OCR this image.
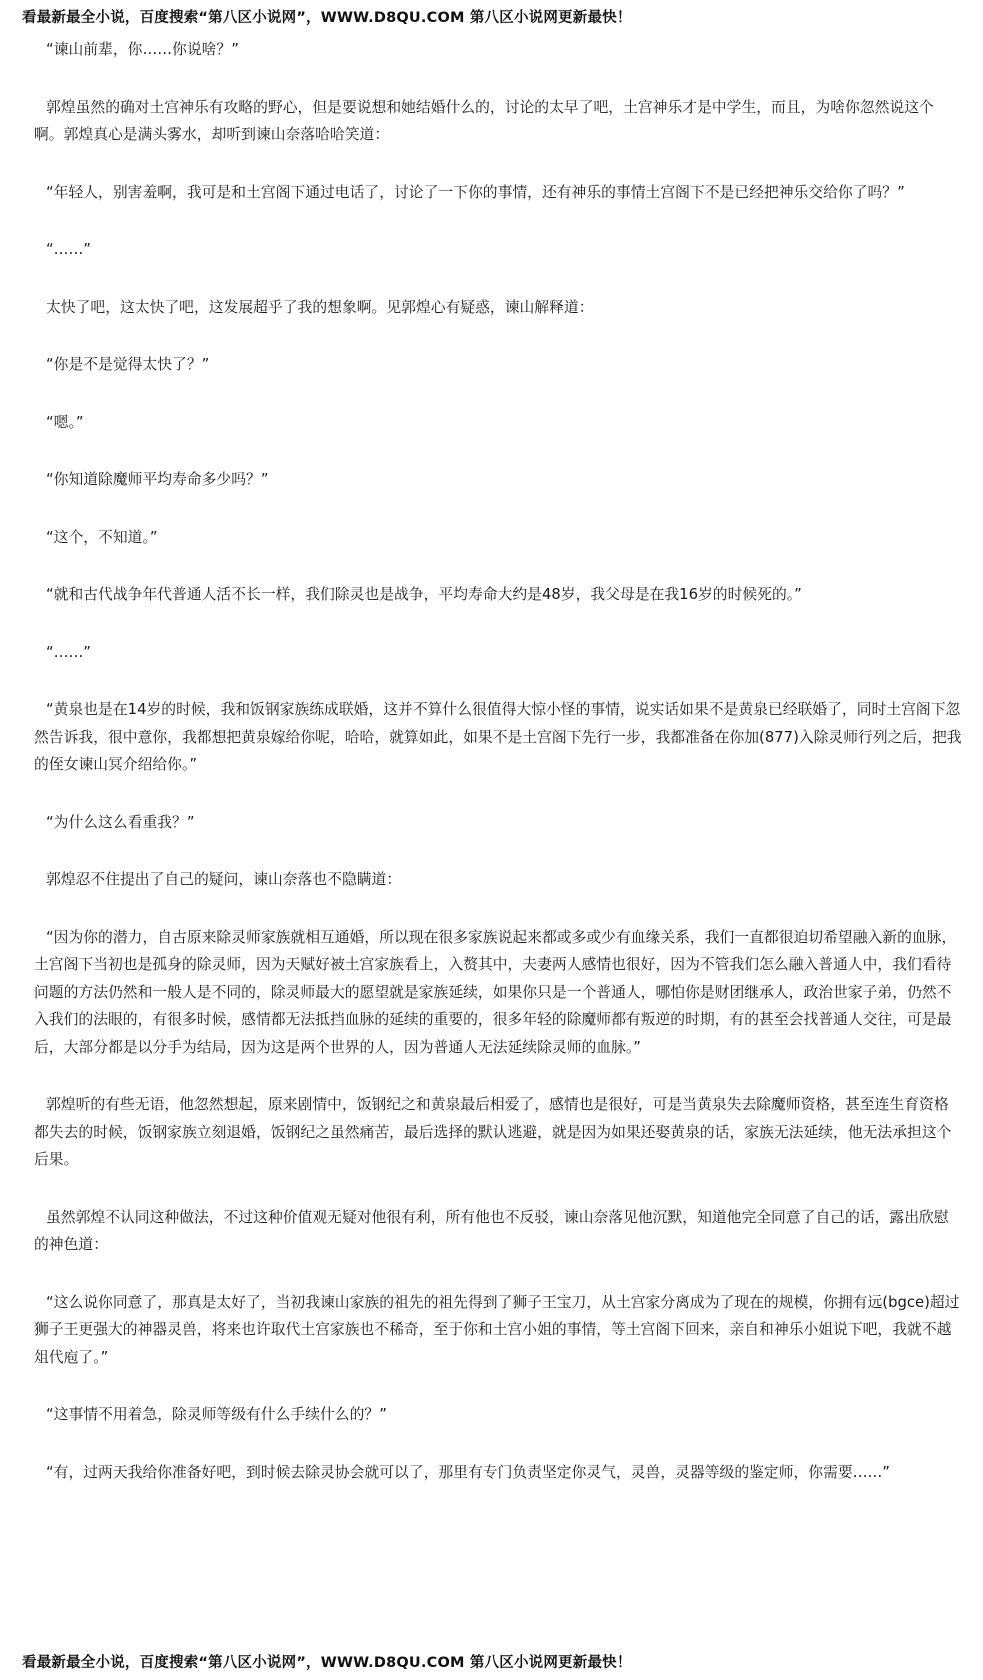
看最新最全小说，百度搜索“第八区小说网”，WWW.D8QU.COM 第八区小说网更新最快！

“谏山前辈，你……你说啥？”

郭煌虽然的确对土宫神乐有攻略的野心，但是要说想和她结婚什么的，讨论的太早了吧，土宫神乐才是中学生，而且，为啥你忽然说这个啊。郭煌真心是满头雾水，却听到谏山奈落哈哈笑道：

“年轻人，别害羞啊，我可是和土宫阁下通过电话了，讨论了一下你的事情，还有神乐的事情土宫阁下不是已经把神乐交给你了吗？”

“……”

太快了吧，这太快了吧，这发展超乎了我的想象啊。见郭煌心有疑惑，谏山解释道：

“你是不是觉得太快了？”

“嗯。”

“你知道除魔师平均寿命多少吗？”

“这个，不知道。”

“就和古代战争年代普通人活不长一样，我们除灵也是战争，平均寿命大约是48岁，我父母是在我16岁的时候死的。”

“……”

“黄泉也是在14岁的时候，我和饭钢家族练成联婚，这并不算什么很值得大惊小怪的事情，说实话如果不是黄泉已经联婚了，同时土宫阁下忽然告诉我，很中意你，我都想把黄泉嫁给你呢，哈哈，就算如此，如果不是土宫阁下先行一步，我都准备在你加(877)入除灵师行列之后，把我的侄女谏山冥介绍给你。”

“为什么这么看重我？”

郭煌忍不住提出了自己的疑问，谏山奈落也不隐瞒道：

“因为你的潜力，自古原来除灵师家族就相互通婚，所以现在很多家族说起来都或多或少有血缘关系，我们一直都很迫切希望融入新的血脉，土宫阁下当初也是孤身的除灵师，因为天赋好被土宫家族看上，入赘其中，夫妻两人感情也很好，因为不管我们怎么融入普通人中，我们看待问题的方法仍然和一般人是不同的，除灵师最大的愿望就是家族延续，如果你只是一个普通人，哪怕你是财团继承人，政治世家子弟，仍然不入我们的法眼的，有很多时候，感情都无法抵挡血脉的延续的重要的，很多年轻的除魔师都有叛逆的时期，有的甚至会找普通人交往，可是最后，大部分都是以分手为结局，因为这是两个世界的人，因为普通人无法延续除灵师的血脉。”

郭煌听的有些无语，他忽然想起，原来剧情中，饭钢纪之和黄泉最后相爱了，感情也是很好，可是当黄泉失去除魔师资格，甚至连生育资格都失去的时候，饭钢家族立刻退婚，饭钢纪之虽然痛苦，最后选择的默认逃避，就是因为如果还娶黄泉的话，家族无法延续，他无法承担这个后果。

虽然郭煌不认同这种做法，不过这种价值观无疑对他很有利，所有他也不反驳，谏山奈落见他沉默，知道他完全同意了自己的话，露出欣慰的神色道：

“这么说你同意了，那真是太好了，当初我谏山家族的祖先的祖先得到了狮子王宝刀，从土宫家分离成为了现在的规模，你拥有远(bgce)超过狮子王更强大的神器灵兽，将来也许取代土宫家族也不稀奇，至于你和土宫小姐的事情，等土宫阁下回来，亲自和神乐小姐说下吧，我就不越俎代庖了。”

“这事情不用着急，除灵师等级有什么手续什么的？”

“有，过两天我给你准备好吧，到时候去除灵协会就可以了，那里有专门负责坚定你灵气，灵兽，灵器等级的鉴定师，你需要……”

看最新最全小说，百度搜索“第八区小说网”，WWW.D8QU.COM 第八区小说网更新最快！
